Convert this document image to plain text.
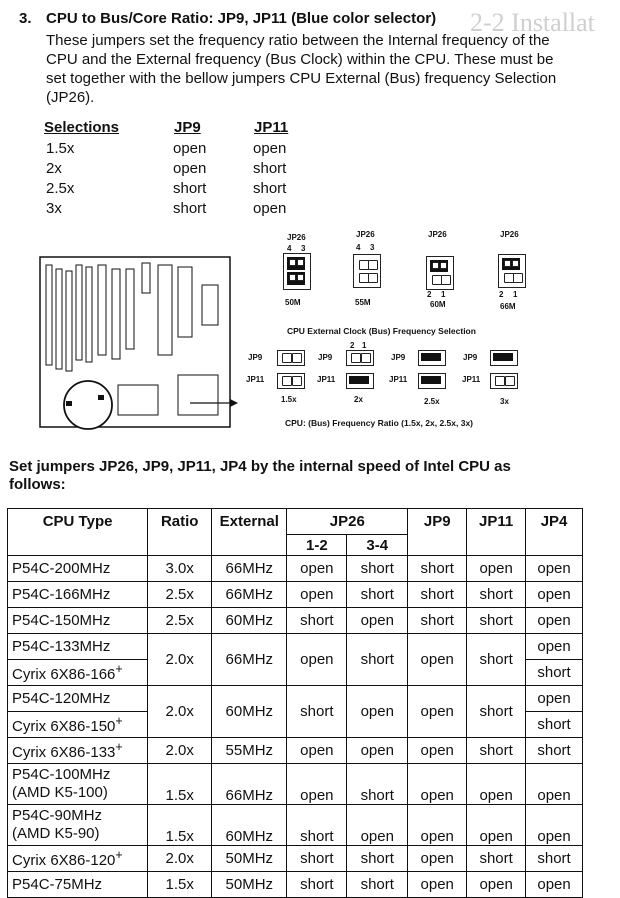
2-2 Installat
3. CPU to Bus/Core Ratio: JP9, JP11 (Blue color selector)
These jumpers set the frequency ratio between the Internal frequency of the
CPU and the External frequency (Bus Clock) within the CPU. These must be
set together with the bellow jumpers CPU External (Bus) frequency Selection
(JP26).
Selections	JP9	JP11
1.5x	open	open
2x	open	short
2.5x	short	short
3x	short	open
JP26
4 3
50M
JP26
4 3
55M
JP26
2 1
60M
JP26
2 1
66M
CPU External Clock (Bus) Frequency Selection
JP9
JP11
1.5x
JP9
2 1
JP11
2x
JP9
JP11
2.5x
JP9
JP11
3x
CPU: (Bus) Frequency Ratio (1.5x, 2x, 2.5x, 3x)
Set jumpers JP26, JP9, JP11, JP4 by the internal speed of Intel CPU as
follows:
CPU Type	Ratio	External	JP26		JP9	JP11	JP4
			1-2	3-4			
P54C-200MHz	3.0x	66MHz	open	short	short	open	open
P54C-166MHz	2.5x	66MHz	open	short	short	short	open
P54C-150MHz	2.5x	60MHz	short	open	short	short	open
P54C-133MHz	2.0x	66MHz	open	short	open	short	open
Cyrix 6X86-166+							short
P54C-120MHz	2.0x	60MHz	short	open	open	short	open
Cyrix 6X86-150+							short
Cyrix 6X86-133+	2.0x	55MHz	open	open	open	short	short

P54C-100MHz
(AMD K5-100)	1.5x	66MHz	open	short	open	open	open

P54C-90MHz
(AMD K5-90)	1.5x	60MHz	short	open	open	open	open
Cyrix 6X86-120+	2.0x	50MHz	short	short	open	short	short
P54C-75MHz	1.5x	50MHz	short	short	open	open	open
